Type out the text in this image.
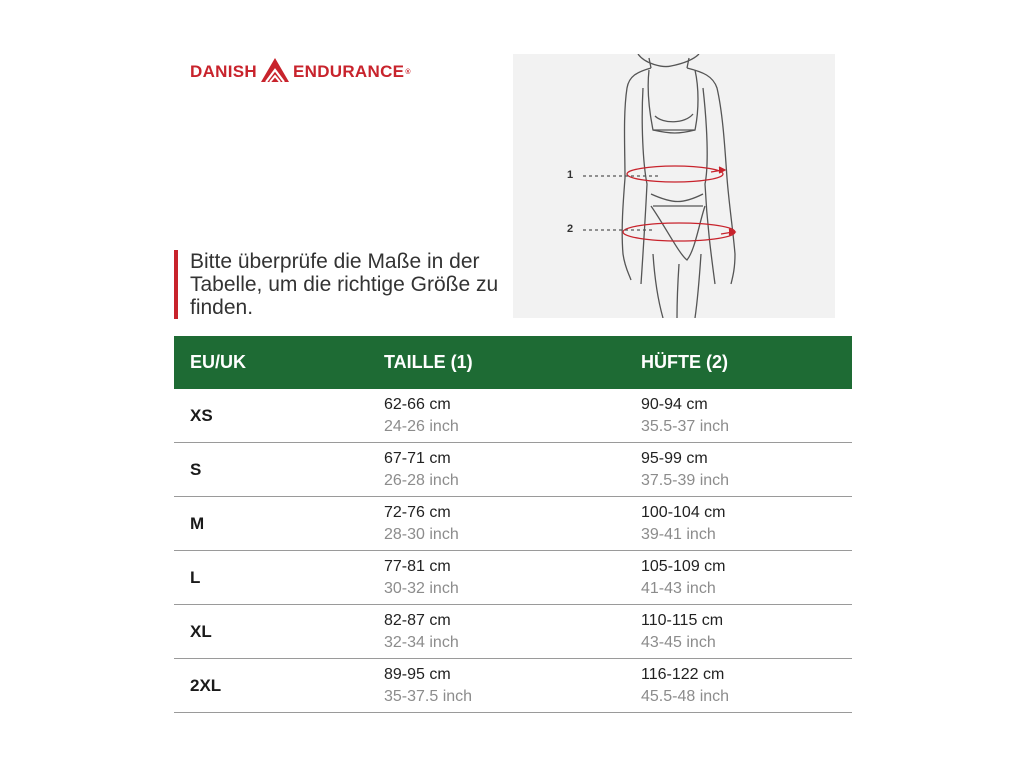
DANISH ENDURANCE ®
1
2
Bitte überprüfe die Maße in der Tabelle, um die richtige Größe zu finden.
EU/UK	TAILLE (1)	HÜFTE (2)
XS
62-66 cm
24-26 inch
90-94 cm
35.5-37 inch
S
67-71 cm
26-28 inch
95-99 cm
37.5-39 inch
M
72-76 cm
28-30 inch
100-104 cm
39-41 inch
L
77-81 cm
30-32 inch
105-109 cm
41-43 inch
XL
82-87 cm
32-34 inch
110-115 cm
43-45 inch
2XL
89-95 cm
35-37.5 inch
116-122 cm
45.5-48 inch
